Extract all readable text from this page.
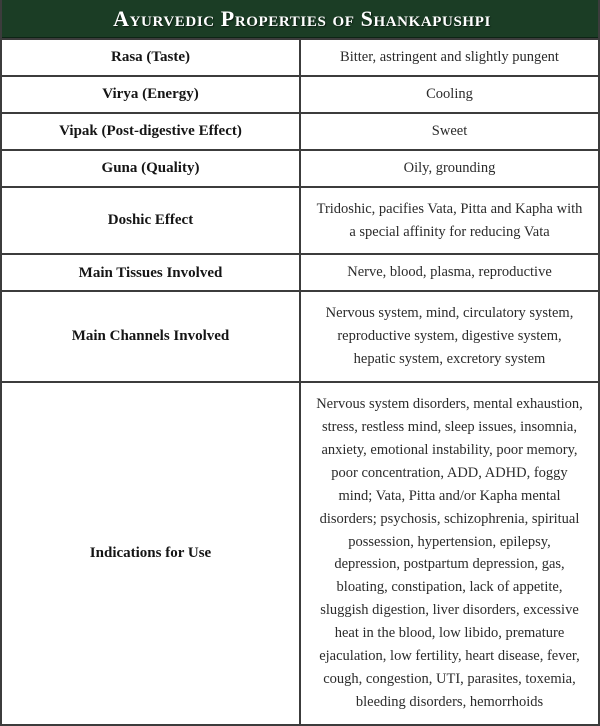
Ayurvedic Properties of Shankapushpi	

Rasa (Taste)	Bitter, astringent and slightly pungent

Virya (Energy)	Cooling

Vipak (Post-digestive Effect)	Sweet

Guna (Quality)	Oily, grounding

Doshic Effect	Tridoshic, pacifies Vata, Pitta and Kapha with a special affinity for reducing Vata

Main Tissues Involved	Nerve, blood, plasma, reproductive

Main Channels Involved	Nervous system, mind, circulatory system, reproductive system, digestive system, hepatic system, excretory system

Indications for Use	Nervous system disorders, mental exhaustion, stress, restless mind, sleep issues, insomnia, anxiety, emotional instability, poor memory, poor concentration, ADD, ADHD, foggy mind; Vata, Pitta and/or Kapha mental disorders; psychosis, schizophrenia, spiritual possession, hypertension, epilepsy, depression, postpartum depression, gas, bloating, constipation, lack of appetite, sluggish digestion, liver disorders, excessive heat in the blood, low libido, premature ejaculation, low fertility, heart disease, fever, cough, congestion, UTI, parasites, toxemia, bleeding disorders, hemorrhoids
